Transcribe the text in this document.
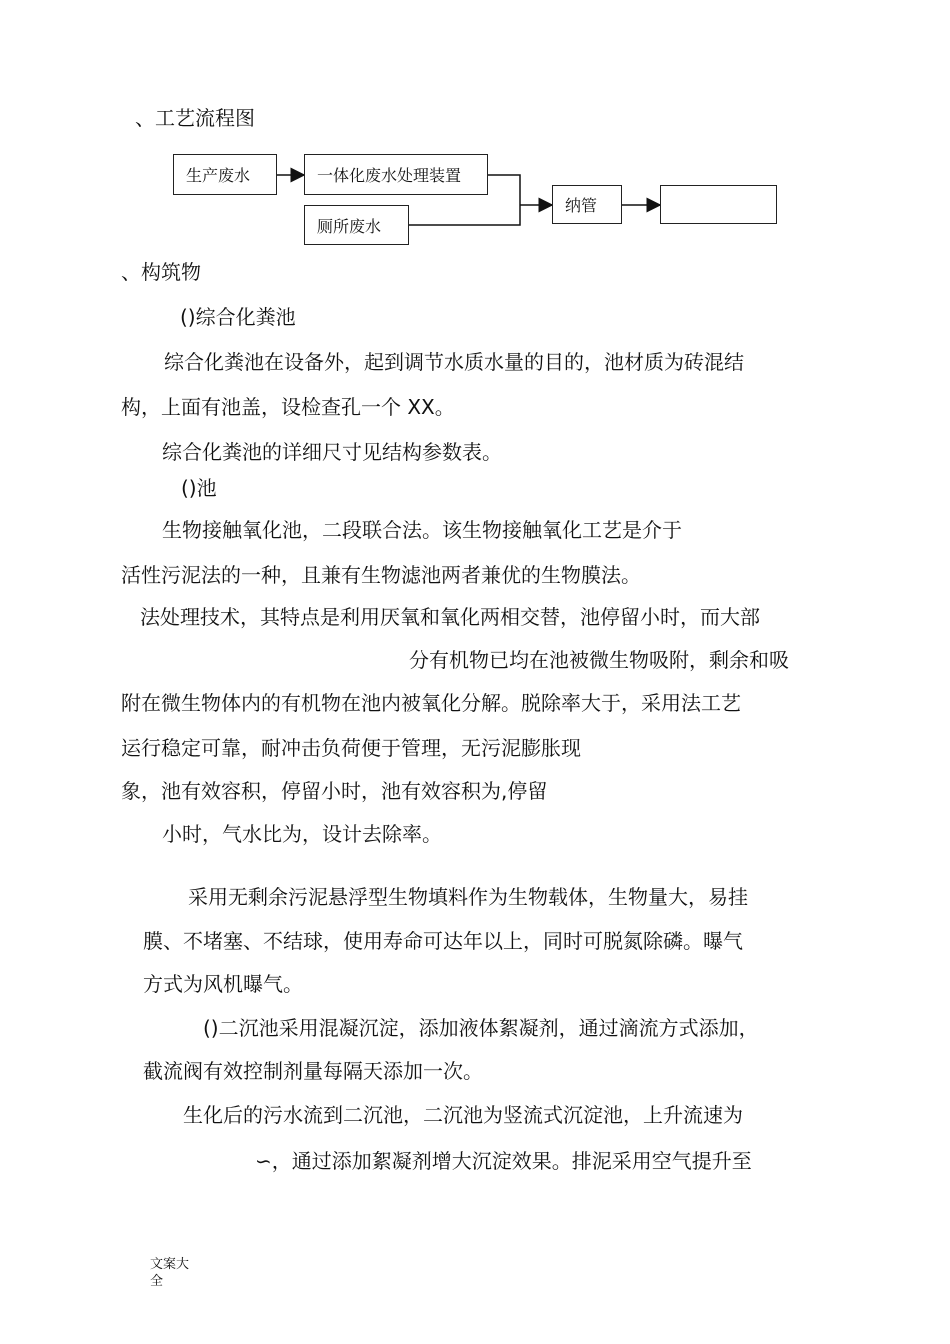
、工艺流程图
生产废水	一体化废水处理装置
厕所废水
纳管
、构筑物
()综合化粪池
综合化粪池在设备外，起到调节水质水量的目的，池材质为砖混结
构，上面有池盖，设检查孔一个 XX。
综合化粪池的详细尺寸见结构参数表。
()池
生物接触氧化池，二段联合法。该生物接触氧化工艺是介于
活性污泥法的一种，且兼有生物滤池两者兼优的生物膜法。
法处理技术，其特点是利用厌氧和氧化两相交替，池停留小时，而大部
分有机物已均在池被微生物吸附，剩余和吸
附在微生物体内的有机物在池内被氧化分解。脱除率大于，采用法工艺
运行稳定可靠，耐冲击负荷便于管理，无污泥膨胀现
象，池有效容积，停留小时，池有效容积为,停留
小时，气水比为，设计去除率。
采用无剩余污泥悬浮型生物填料作为生物载体，生物量大，易挂
膜、不堵塞、不结球，使用寿命可达年以上，同时可脱氮除磷。曝气
方式为风机曝气。
()二沉池采用混凝沉淀，添加液体絮凝剂，通过滴流方式添加，
截流阀有效控制剂量每隔天添加一次。
生化后的污水流到二沉池，二沉池为竖流式沉淀池，上升流速为
∽，通过添加絮凝剂增大沉淀效果。排泥采用空气提升至
文案大
全
